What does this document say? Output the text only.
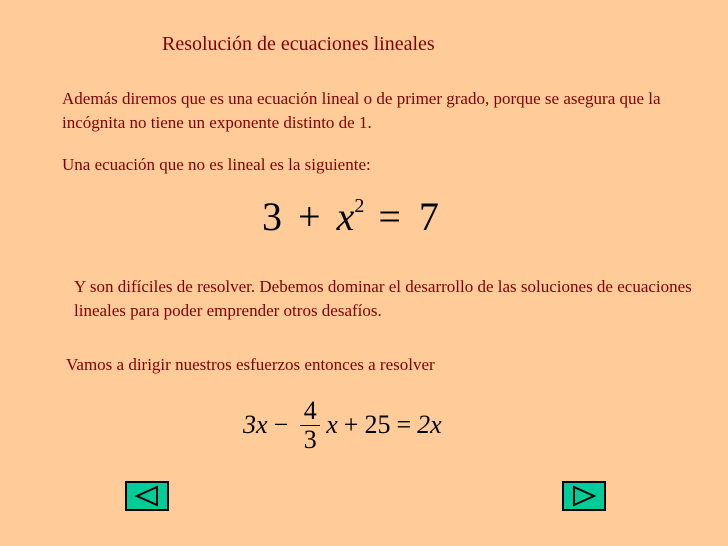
Resolución de ecuaciones lineales
Además diremos que es una ecuación lineal o de primer grado, porque se asegura que la incógnita no tiene un exponente distinto de 1.
Una ecuación que no es lineal es la siguiente:
$3 + x^2 = 7$
Y son difíciles de resolver. Debemos dominar el desarrollo de las soluciones de ecuaciones lineales para poder emprender otros desafíos.
Vamos a dirigir nuestros esfuerzos entonces a resolver
$3x - \frac{4}{3}$ x + 25 = 2x
